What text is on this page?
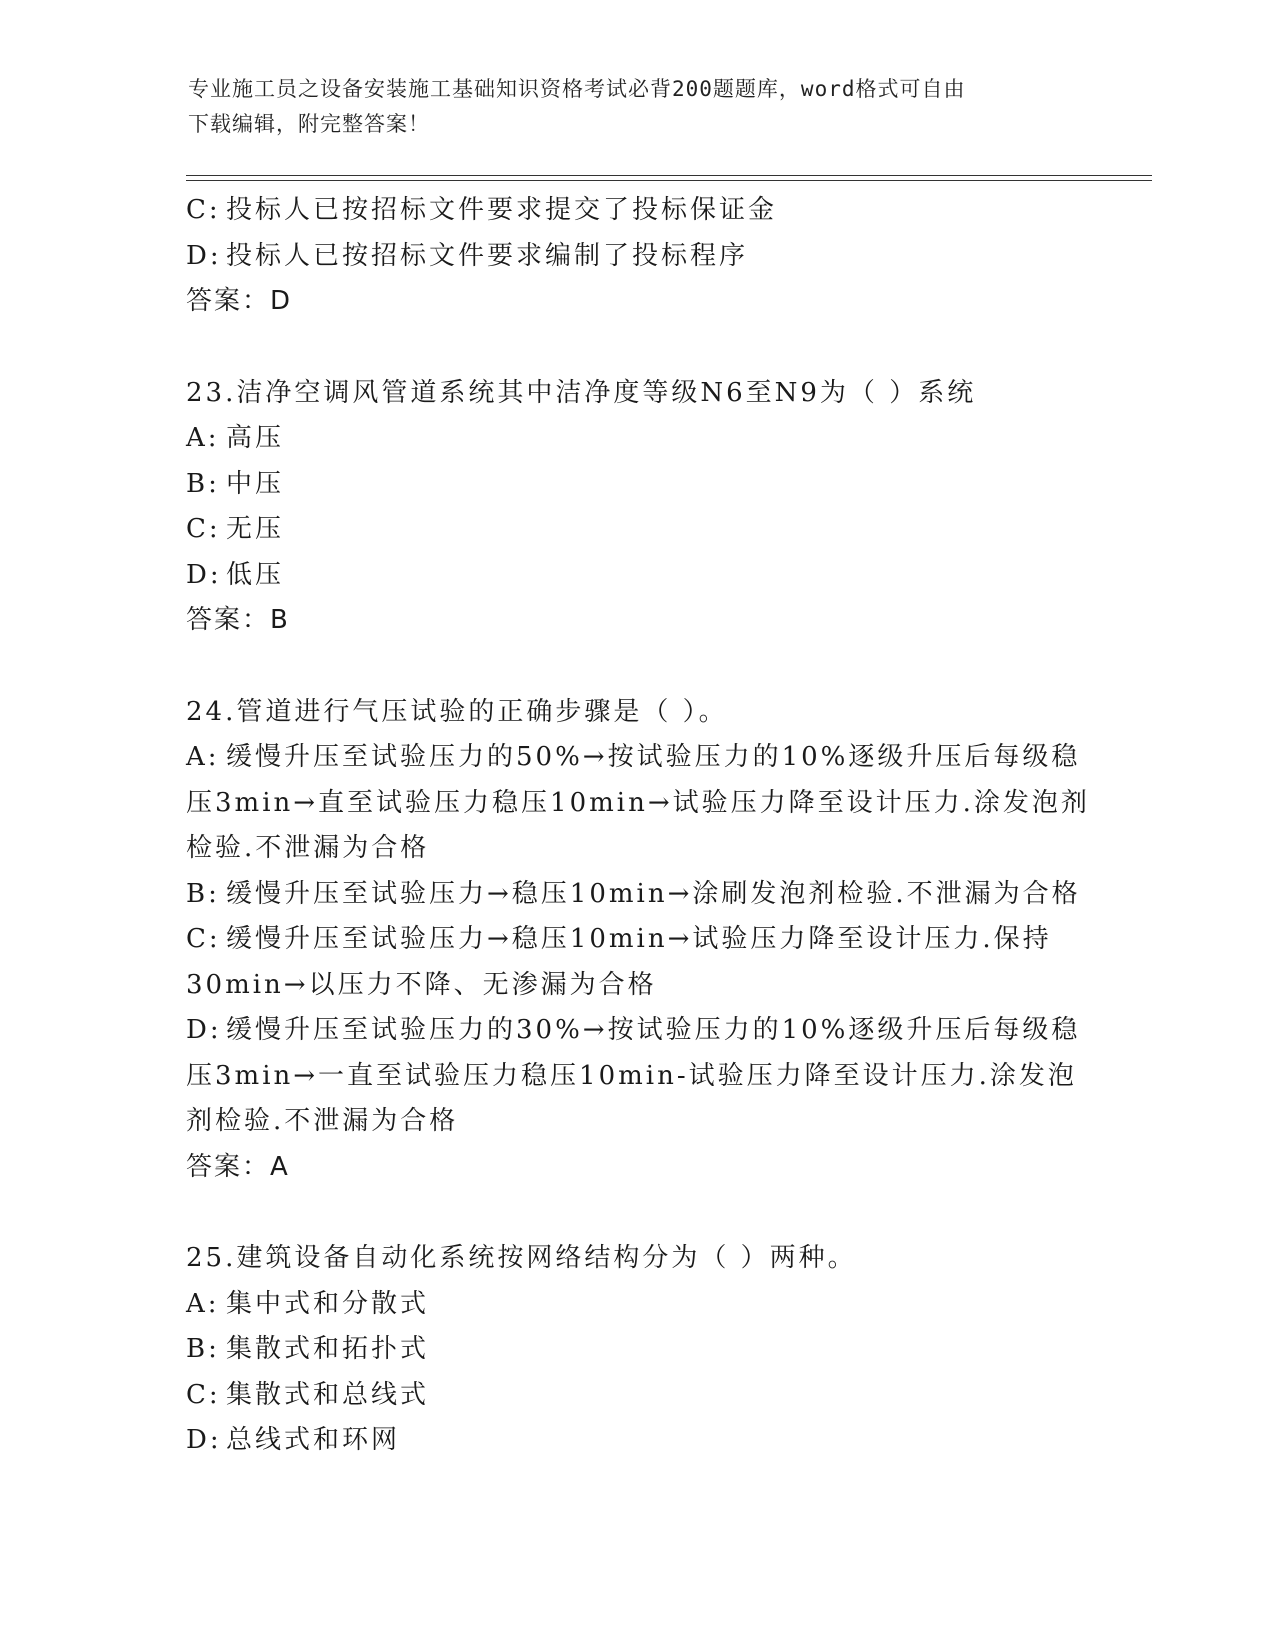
专业施工员之设备安装施工基础知识资格考试必背200题题库，word格式可自由
下载编辑，附完整答案！
C: 投标人已按招标文件要求提交了投标保证金
D: 投标人已按招标文件要求编制了投标程序
答案：D
23.洁净空调风管道系统其中洁净度等级N6至N9为（ ）系统
A: 高压
B: 中压
C: 无压
D: 低压
答案：B
24.管道进行气压试验的正确步骤是（ ）。
A: 缓慢升压至试验压力的50%→按试验压力的10%逐级升压后每级稳
压3min→直至试验压力稳压10min→试验压力降至设计压力.涂发泡剂
检验.不泄漏为合格
B: 缓慢升压至试验压力→稳压10min→涂刷发泡剂检验.不泄漏为合格
C: 缓慢升压至试验压力→稳压10min→试验压力降至设计压力.保持
30min→以压力不降、无渗漏为合格
D: 缓慢升压至试验压力的30%→按试验压力的10%逐级升压后每级稳
压3min→一直至试验压力稳压10min-试验压力降至设计压力.涂发泡
剂检验.不泄漏为合格
答案：A
25.建筑设备自动化系统按网络结构分为（ ）两种。
A: 集中式和分散式
B: 集散式和拓扑式
C: 集散式和总线式
D: 总线式和环网
